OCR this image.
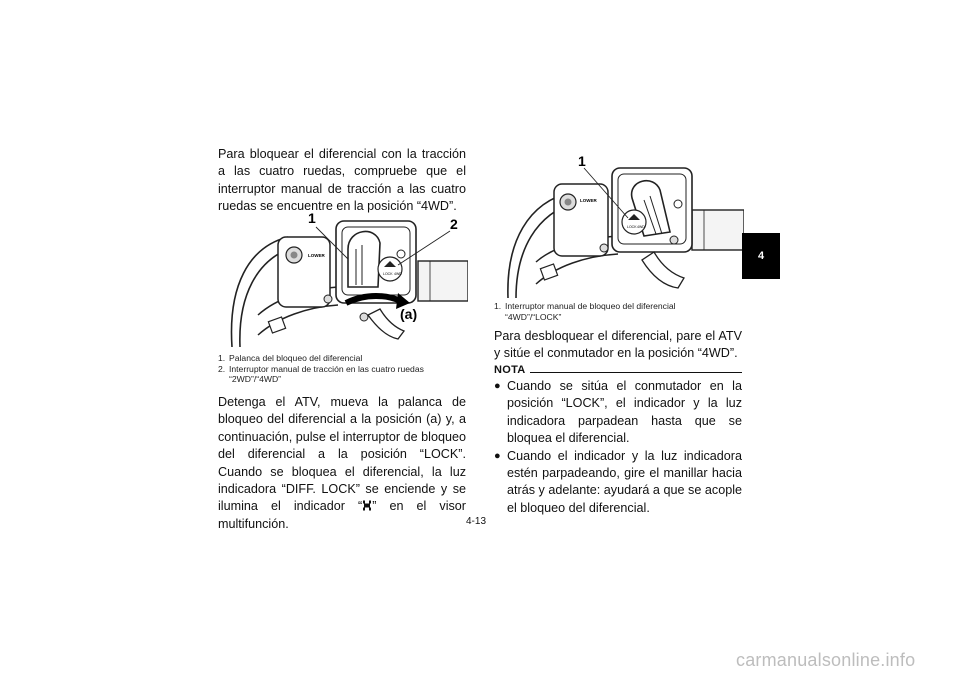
Para bloquear el diferencial con la tracción a las cuatro ruedas, compruebe que el interruptor manual de tracción a las cuatro ruedas se encuentre en la posición “4WD”.

LOWER
LOCK 4WD
1	2
(a)
1. Palanca del bloqueo del diferencial
2. Interruptor manual de tracción en las cuatro ruedas
“2WD”/“4WD”

Detenga el ATV, mueva la palanca de bloqueo del diferencial a la posición (a) y, a continuación, pulse el interruptor de bloqueo del diferencial a la posición “LOCK”. Cuando se bloquea el diferencial, la luz indicadora “DIFF. LOCK” se enciende y se ilumina el indicador “ ” en el visor multifunción.

LOWER
LOCK 4WD
1
1. Interruptor manual de bloqueo del diferencial
“4WD”/“LOCK”

Para desbloquear el diferencial, pare el ATV y sitúe el conmutador en la posición “4WD”.

NOTA
● Cuando se sitúa el conmutador en la posición “LOCK”, el indicador y la luz indicadora parpadean hasta que se bloquea el diferencial.
● Cuando el indicador y la luz indicadora estén parpadeando, gire el manillar hacia atrás y adelante: ayudará a que se acople el bloqueo del diferencial.
4
4-13
carmanualsonline.info
